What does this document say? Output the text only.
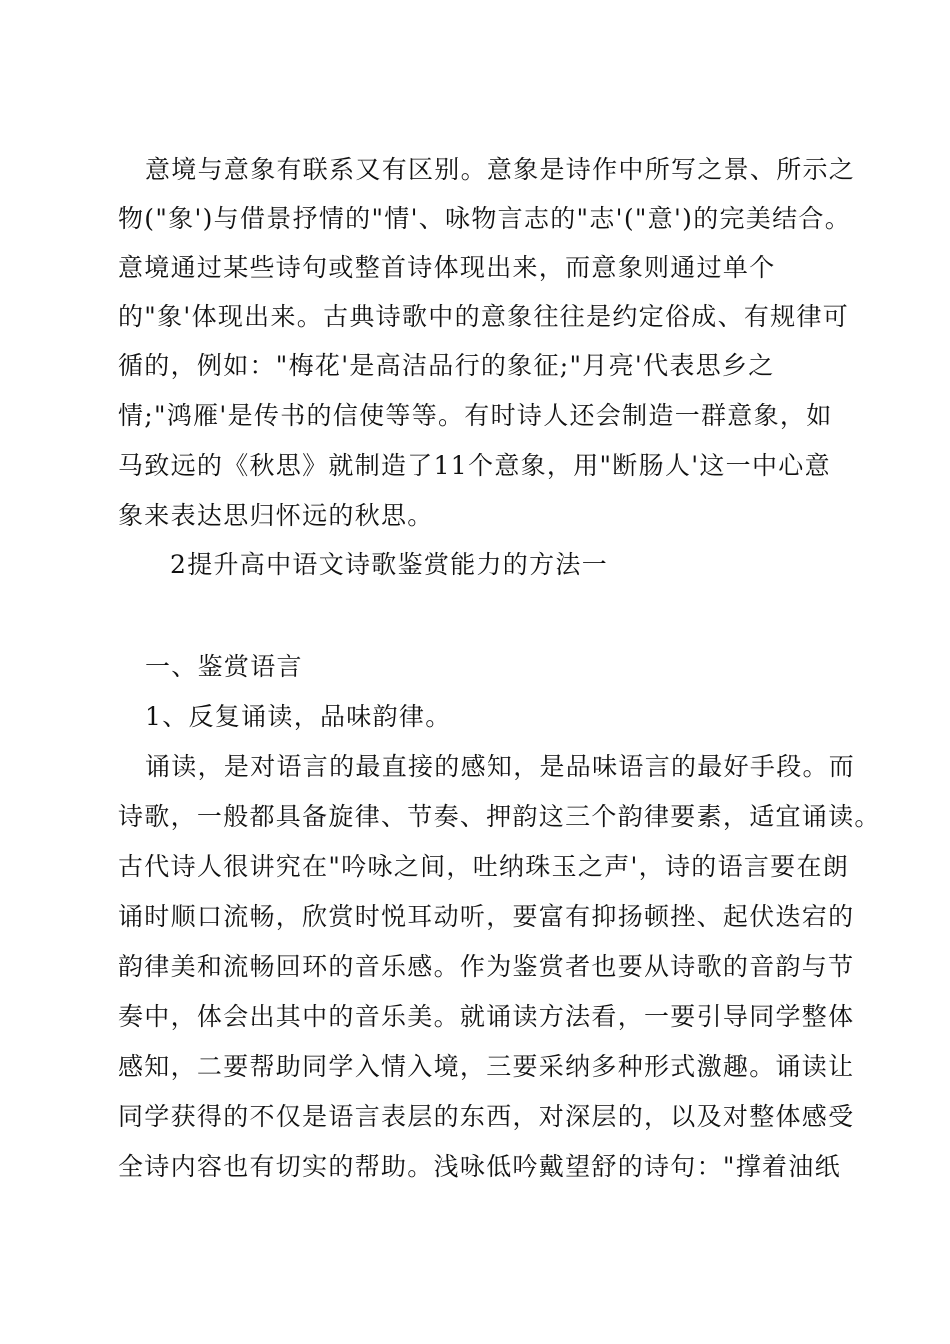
意境与意象有联系又有区别。意象是诗作中所写之景、所示之
物("象')与借景抒情的"情'、咏物言志的"志'("意')的完美结合。
意境通过某些诗句或整首诗体现出来，而意象则通过单个
的"象'体现出来。古典诗歌中的意象往往是约定俗成、有规律可
循的，例如："梅花'是高洁品行的象征;"月亮'代表思乡之
情;"鸿雁'是传书的信使等等。有时诗人还会制造一群意象，如
马致远的《秋思》就制造了11个意象，用"断肠人'这一中心意
象来表达思归怀远的秋思。
2提升高中语文诗歌鉴赏能力的方法一
一、鉴赏语言
1、反复诵读，品味韵律。
诵读，是对语言的最直接的感知，是品味语言的最好手段。而
诗歌，一般都具备旋律、节奏、押韵这三个韵律要素，适宜诵读。
古代诗人很讲究在"吟咏之间，吐纳珠玉之声'，诗的语言要在朗
诵时顺口流畅，欣赏时悦耳动听，要富有抑扬顿挫、起伏迭宕的
韵律美和流畅回环的音乐感。作为鉴赏者也要从诗歌的音韵与节
奏中，体会出其中的音乐美。就诵读方法看，一要引导同学整体
感知，二要帮助同学入情入境，三要采纳多种形式激趣。诵读让
同学获得的不仅是语言表层的东西，对深层的，以及对整体感受
全诗内容也有切实的帮助。浅咏低吟戴望舒的诗句："撑着油纸
